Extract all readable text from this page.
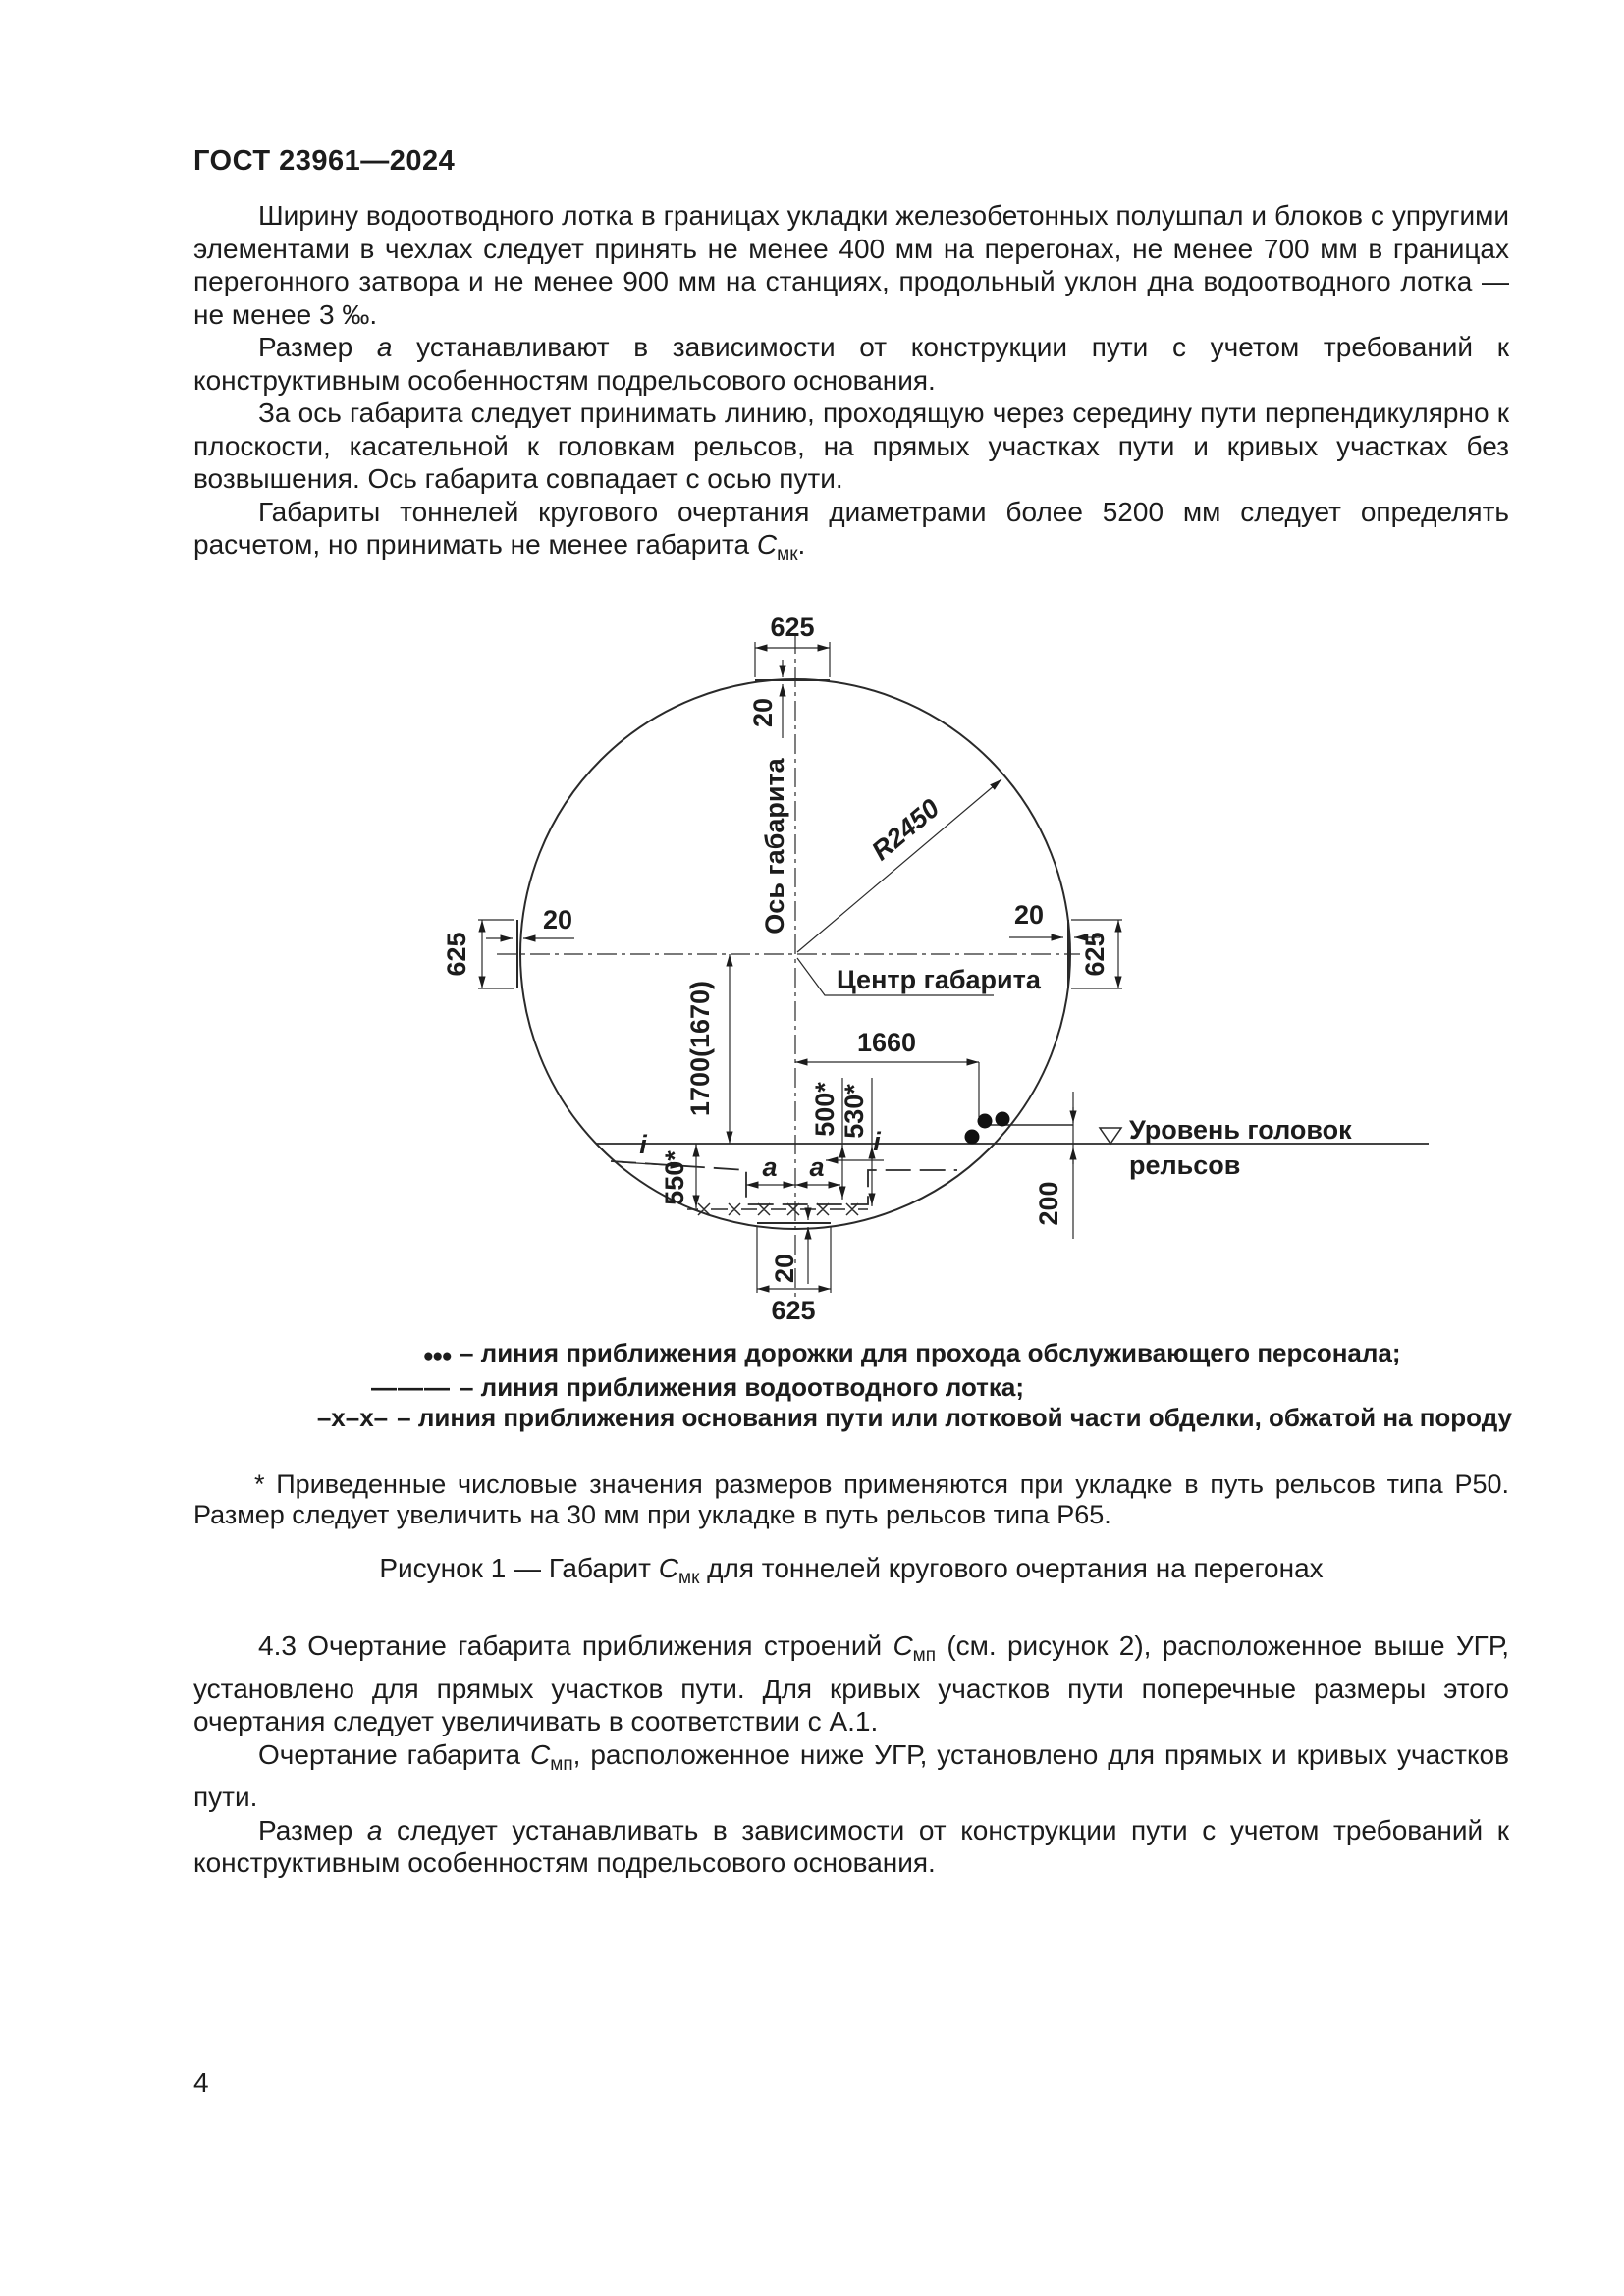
ГОСТ 23961—2024

Ширину водоотводного лотка в границах укладки железобетонных полушпал и блоков с упругими элементами в чехлах следует принять не менее 400 мм на перегонах, не менее 700 мм в границах перегонного затвора и не менее 900 мм на станциях, продольный уклон дна водоотводного лотка — не менее 3 ‰.

Размер а устанавливают в зависимости от конструкции пути с учетом требований к конструктивным особенностям подрельсового основания.

За ось габарита следует принимать линию, проходящую через середину пути перпендикулярно к плоскости, касательной к головкам рельсов, на прямых участках пути и кривых участках без возвышения. Ось габарита совпадает с осью пути.

Габариты тоннелей кругового очертания диаметрами более 5200 мм следует определять расчетом, но принимать не менее габарита $С_{мк}$.

625
20
625
20
625
20
625
20
1700(1670)	1660
500* 530*
550*	200
R2450
Ось габарита
Центр габарита
Уровень головок
рельсов
i	i
a a
●●● – линия приближения дорожки для прохода обслуживающего персонала;
——— – линия приближения водоотводного лотка;
–х–х– – линия приближения основания пути или лотковой части обделки, обжатой на породу

* Приведенные числовые значения размеров применяются при укладке в путь рельсов типа Р50. Размер следует увеличить на 30 мм при укладке в путь рельсов типа Р65.

Рисунок 1 — Габарит $С_{мк}$ для тоннелей кругового очертания на перегонах

4.3 Очертание габарита приближения строений $С_{мп}$ (см. рисунок 2), расположенное выше УГР, установлено для прямых участков пути. Для кривых участков пути поперечные размеры этого очертания следует увеличивать в соответствии с А.1.

Очертание габарита $С_{мп}$, расположенное ниже УГР, установлено для прямых и кривых участков пути.

Размер а следует устанавливать в зависимости от конструкции пути с учетом требований к конструктивным особенностям подрельсового основания.

4
